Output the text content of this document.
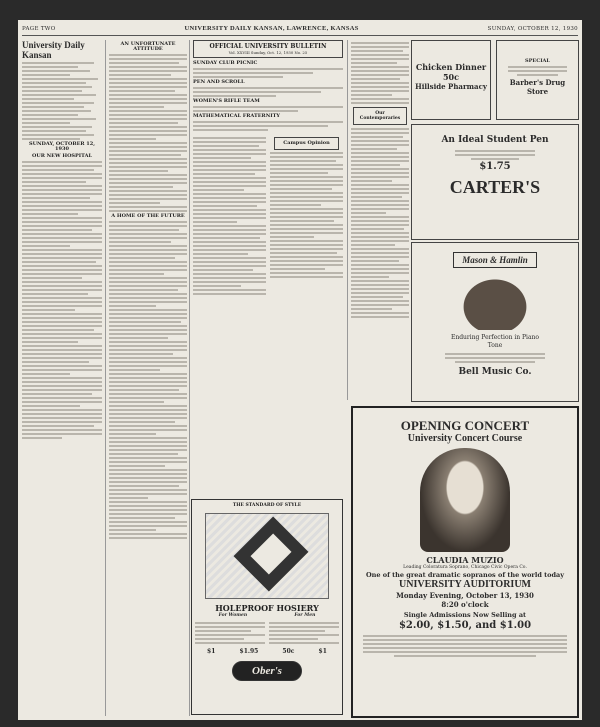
PAGE TWO	UNIVERSITY DAILY KANSAN, LAWRENCE, KANSAS	SUNDAY, OCTOBER 12, 1930
University Daily Kansan
SUNDAY, OCTOBER 12, 1930
OUR NEW HOSPITAL
AN UNFORTUNATE ATTITUDE
A HOME OF THE FUTURE
OFFICIAL UNIVERSITY BULLETIN
Vol. XXVIII Sunday, Oct. 12, 1930 No. 25
SUNDAY CLUB PICNIC
PEN AND SCROLL
WOMEN'S RIFLE TEAM
MATHEMATICAL FRATERNITY
Campus Opinion
THE STANDARD OF STYLE
HOLEPROOF HOSIERY
For Women	For Men
$1	$1.95	50c	$1
Ober's
Our Contemporaries
Chicken Dinner
50c
Hillside Pharmacy
SPECIAL
Barber's Drug Store
An Ideal Student Pen
$1.75
CARTER'S
Mason & Hamlin
Enduring Perfection in Piano Tone
Bell Music Co.
OPENING CONCERT
University Concert Course
CLAUDIA MUZIO
Leading Coloratura Soprano, Chicago Civic Opera Co.
One of the great dramatic sopranos of the world today
UNIVERSITY AUDITORIUM
Monday Evening, October 13, 1930
8:20 o'clock
Single Admissions Now Selling at
$2.00, $1.50, and $1.00
